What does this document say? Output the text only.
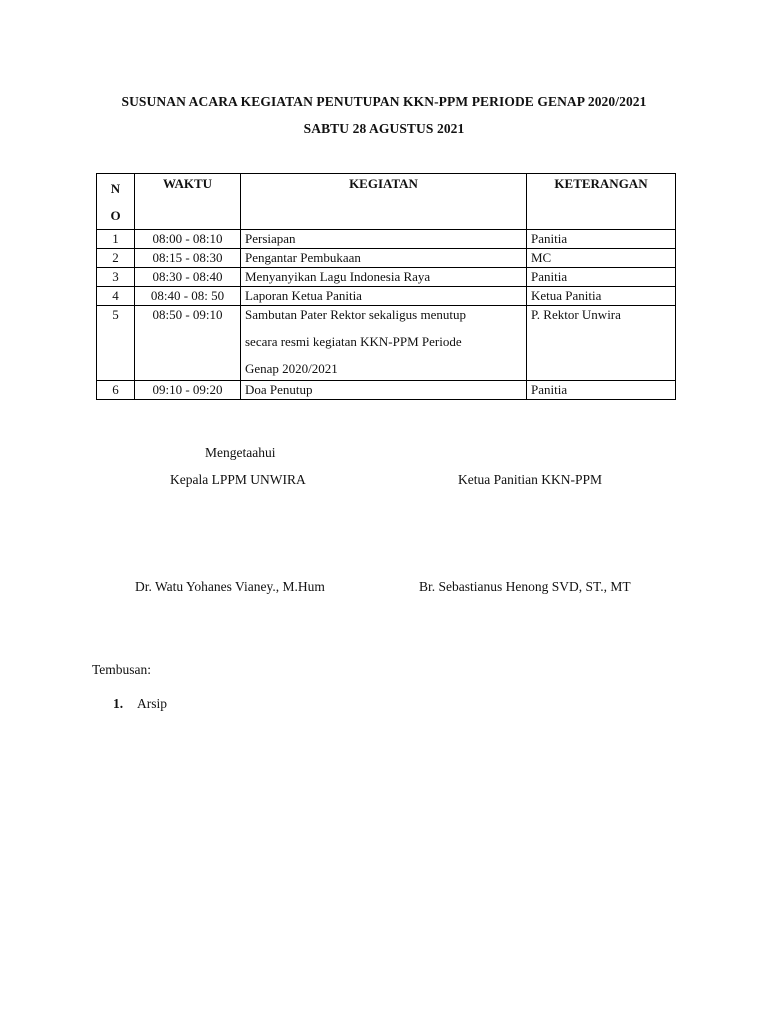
SUSUNAN ACARA KEGIATAN PENUTUPAN KKN-PPM PERIODE GENAP 2020/2021
SABTU 28 AGUSTUS 2021
N
O	WAKTU	KEGIATAN	KETERANGAN
1	08:00 - 08:10	Persiapan	Panitia
2	08:15 - 08:30	Pengantar Pembukaan	MC
3	08:30 - 08:40	Menyanyikan Lagu Indonesia Raya	Panitia
4	08:40 - 08: 50	Laporan Ketua Panitia	Ketua Panitia
5	08:50 - 09:10	Sambutan Pater Rektor sekaligus menutup
secara resmi kegiatan KKN-PPM Periode
Genap 2020/2021	P. Rektor Unwira
6	09:10 - 09:20	Doa Penutup	Panitia
Mengetaahui
Kepala LPPM UNWIRA	Ketua Panitian KKN-PPM
Dr. Watu Yohanes Vianey., M.Hum	Br. Sebastianus Henong SVD, ST., MT
Tembusan:
1. Arsip
